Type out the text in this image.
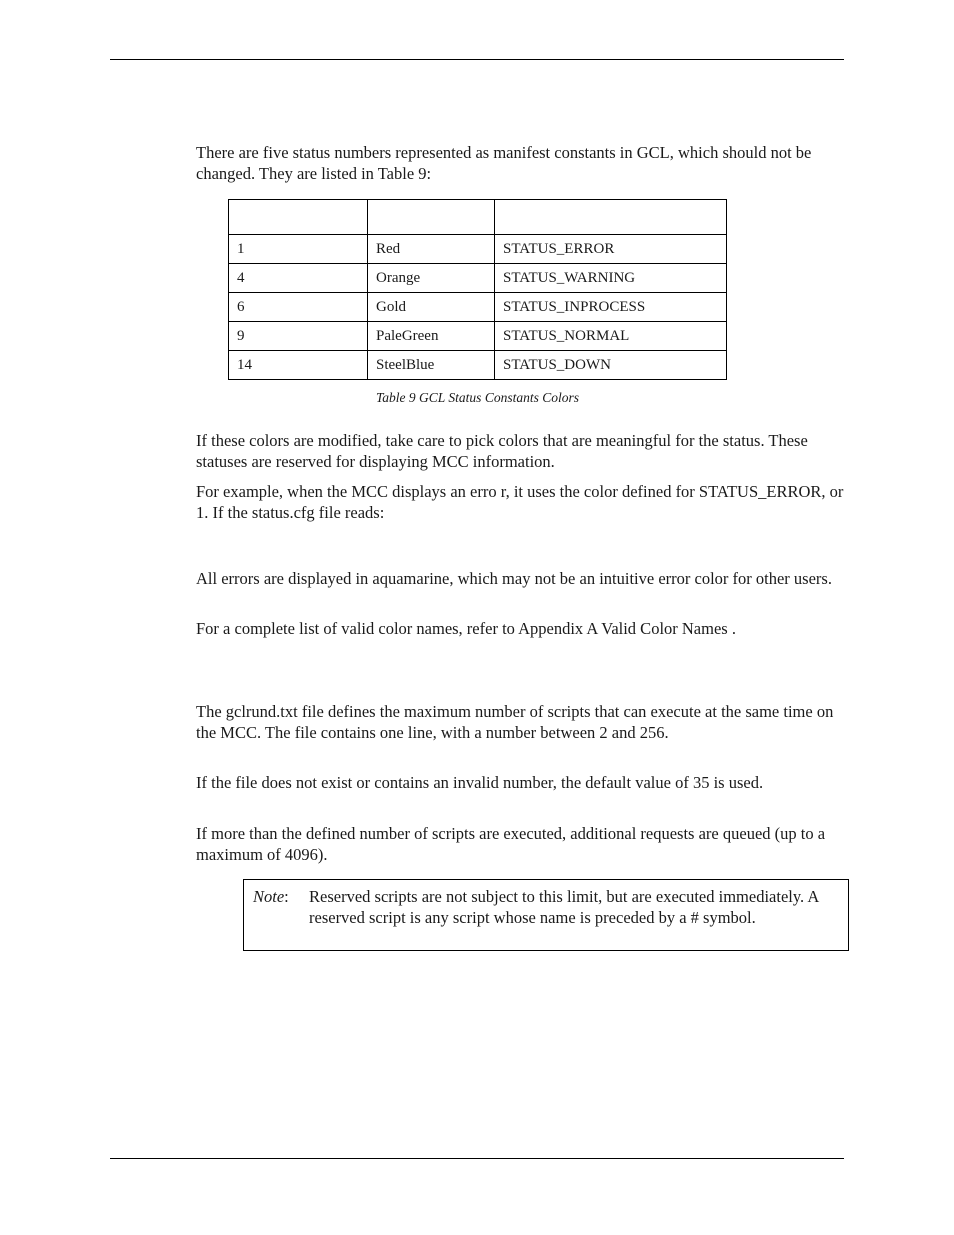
There are five status numbers represented as manifest constants in GCL, which should not be changed. They are listed in Table 9:

1	Red	STATUS_ERROR
4	Orange	STATUS_WARNING
6	Gold	STATUS_INPROCESS
9	PaleGreen	STATUS_NORMAL
14	SteelBlue	STATUS_DOWN
Table 9 GCL Status Constants Colors

If these colors are modified, take care to pick colors that are meaningful for the status. These statuses are reserved for displaying MCC information.

For example, when the MCC displays an erro r, it uses the color defined for STATUS_ERROR, or 1. If the status.cfg file reads:

All errors are displayed in aquamarine, which may not be an intuitive error color for other users.

For a complete list of valid color names, refer to Appendix A Valid Color Names .

The gclrund.txt file defines the maximum number of scripts that can execute at the same time on the MCC. The file contains one line, with a number between 2 and 256.

If the file does not exist or contains an invalid number, the default value of 35 is used.

If more than the defined number of scripts are executed, additional requests are queued (up to a maximum of 4096).

Note: Reserved scripts are not subject to this limit, but are executed immediately. A reserved script is any script whose name is preceded by a # symbol.
